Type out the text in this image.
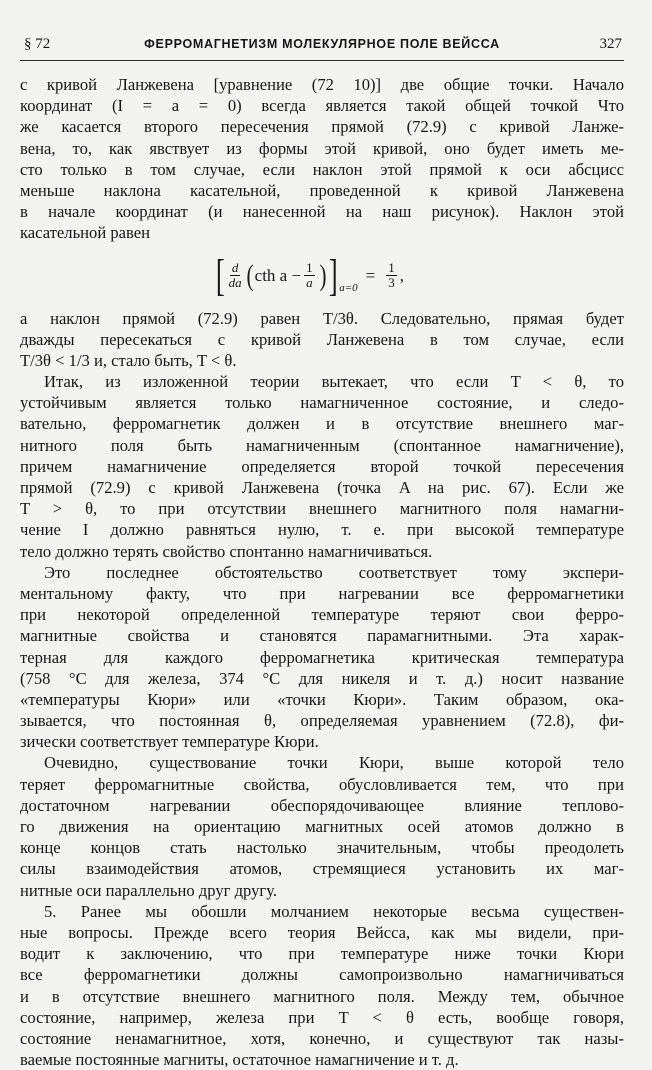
§ 72	ФЕРРОМАГНЕТИЗМ МОЛЕКУЛЯРНОЕ ПОЛЕ ВЕЙССА	327
с кривой Ланжевена [уравнение (72 10)] две общие точки. Начало
координат (I = a = 0) всегда является такой общей точкой Что
же касается второго пересечения прямой (72.9) с кривой Ланже-
вена, то, как явствует из формы этой кривой, оно будет иметь ме-
сто только в том случае, если наклон этой прямой к оси абсцисс
меньше наклона касательной, проведенной к кривой Ланжевена
в начале координат (и нанесенной на наш рисунок). Наклон этой
касательной равен
[ $\frac{d}{da}$ ( cth $a - \frac{1}{a}$ ) ] a=0
= $\frac{1}{3}$ ,
а наклон прямой (72.9) равен T/3θ. Следовательно, прямая будет
дважды пересекаться с кривой Ланжевена в том случае, если
T/3θ < 1/3 и, стало быть, T < θ.
Итак, из изложенной теории вытекает, что если T < θ, то
устойчивым является только намагниченное состояние, и следо-
вательно, ферромагнетик должен и в отсутствие внешнего маг-
нитного поля быть намагниченным (спонтанное намагничение),
причем намагничение определяется второй точкой пересечения
прямой (72.9) с кривой Ланжевена (точка A на рис. 67). Если же
T > θ, то при отсутствии внешнего магнитного поля намагни-
чение I должно равняться нулю, т. е. при высокой температуре
тело должно терять свойство спонтанно намагничиваться.
Это последнее обстоятельство соответствует тому экспери-
ментальному факту, что при нагревании все ферромагнетики
при некоторой определенной температуре теряют свои ферро-
магнитные свойства и становятся парамагнитными. Эта харак-
терная для каждого ферромагнетика критическая температура
(758 °С для железа, 374 °С для никеля и т. д.) носит название
«температуры Кюри» или «точки Кюри». Таким образом, ока-
зывается, что постоянная θ, определяемая уравнением (72.8), фи-
зически соответствует температуре Кюри.
Очевидно, существование точки Кюри, выше которой тело
теряет ферромагнитные свойства, обусловливается тем, что при
достаточном нагревании обеспорядочивающее влияние теплово-
го движения на ориентацию магнитных осей атомов должно в
конце концов стать настолько значительным, чтобы преодолеть
силы взаимодействия атомов, стремящиеся установить их маг-
нитные оси параллельно друг другу.
5. Ранее мы обошли молчанием некоторые весьма существен-
ные вопросы. Прежде всего теория Вейсса, как мы видели, при-
водит к заключению, что при температуре ниже точки Кюри
все ферромагнетики должны самопроизвольно намагничиваться
и в отсутствие внешнего магнитного поля. Между тем, обычное
состояние, например, железа при T < θ есть, вообще говоря,
состояние ненамагнитное, хотя, конечно, и существуют так назы-
ваемые постоянные магниты, остаточное намагничение и т. д.
